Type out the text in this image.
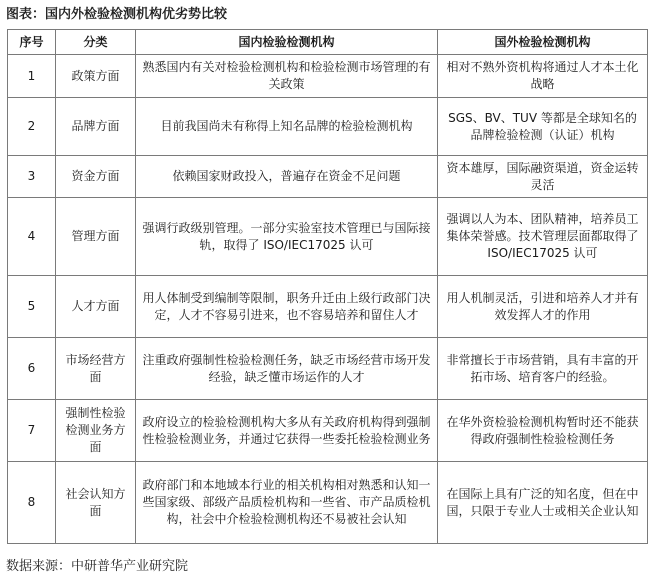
图表：国内外检验检测机构优劣势比较
序号	分类	国内检验检测机构	国外检验检测机构
1	政策方面	熟悉国内有关对检验检测机构和检验检测市场管理的有关政策	相对不熟外资机构将通过人才本土化战略
2	品牌方面	目前我国尚未有称得上知名品牌的检验检测机构	SGS、BV、TUV 等都是全球知名的品牌检验检测（认证）机构
3	资金方面	依赖国家财政投入，普遍存在资金不足问题	资本雄厚，国际融资渠道，资金运转灵活
4	管理方面	强调行政级别管理。一部分实验室技术管理已与国际接轨，取得了 ISO/IEC17025 认可	强调以人为本、团队精神，培养员工集体荣誉感。技术管理层面都取得了 ISO/IEC17025 认可
5	人才方面	用人体制受到编制等限制，职务升迁由上级行政部门决定，人才不容易引进来，也不容易培养和留住人才	用人机制灵活，引进和培养人才并有效发挥人才的作用
6	市场经营方面	注重政府强制性检验检测任务，缺乏市场经营市场开发经验，缺乏懂市场运作的人才	非常擅长于市场营销，具有丰富的开拓市场、培育客户的经验。
7	强制性检验检测业务方面	政府设立的检验检测机构大多从有关政府机构得到强制性检验检测业务，并通过它获得一些委托检验检测业务	在华外资检验检测机构暂时还不能获得政府强制性检验检测任务
8	社会认知方面	政府部门和本地域本行业的相关机构相对熟悉和认知一些国家级、部级产品质检机构和一些省、市产品质检机构，社会中介检验检测机构还不易被社会认知	在国际上具有广泛的知名度，但在中国，只限于专业人士或相关企业认知
数据来源：中研普华产业研究院
